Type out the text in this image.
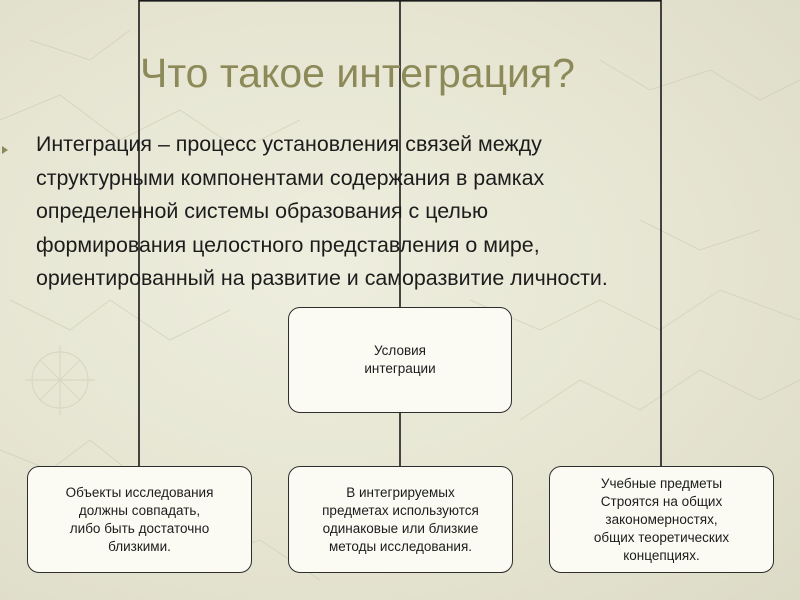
Что такое интеграция?

Интеграция – процесс установления связей между
структурными компонентами содержания в рамках
определенной системы образования с целью
формирования целостного представления о мире,
ориентированный на развитие и саморазвитие личности.

Условия
интеграции
Объекты исследования
должны совпадать,
либо быть достаточно
близкими.
В интегрируемых
предметах используются
одинаковые или близкие
методы исследования.
Учебные предметы
Строятся на общих
закономерностях,
общих теоретических
концепциях.
